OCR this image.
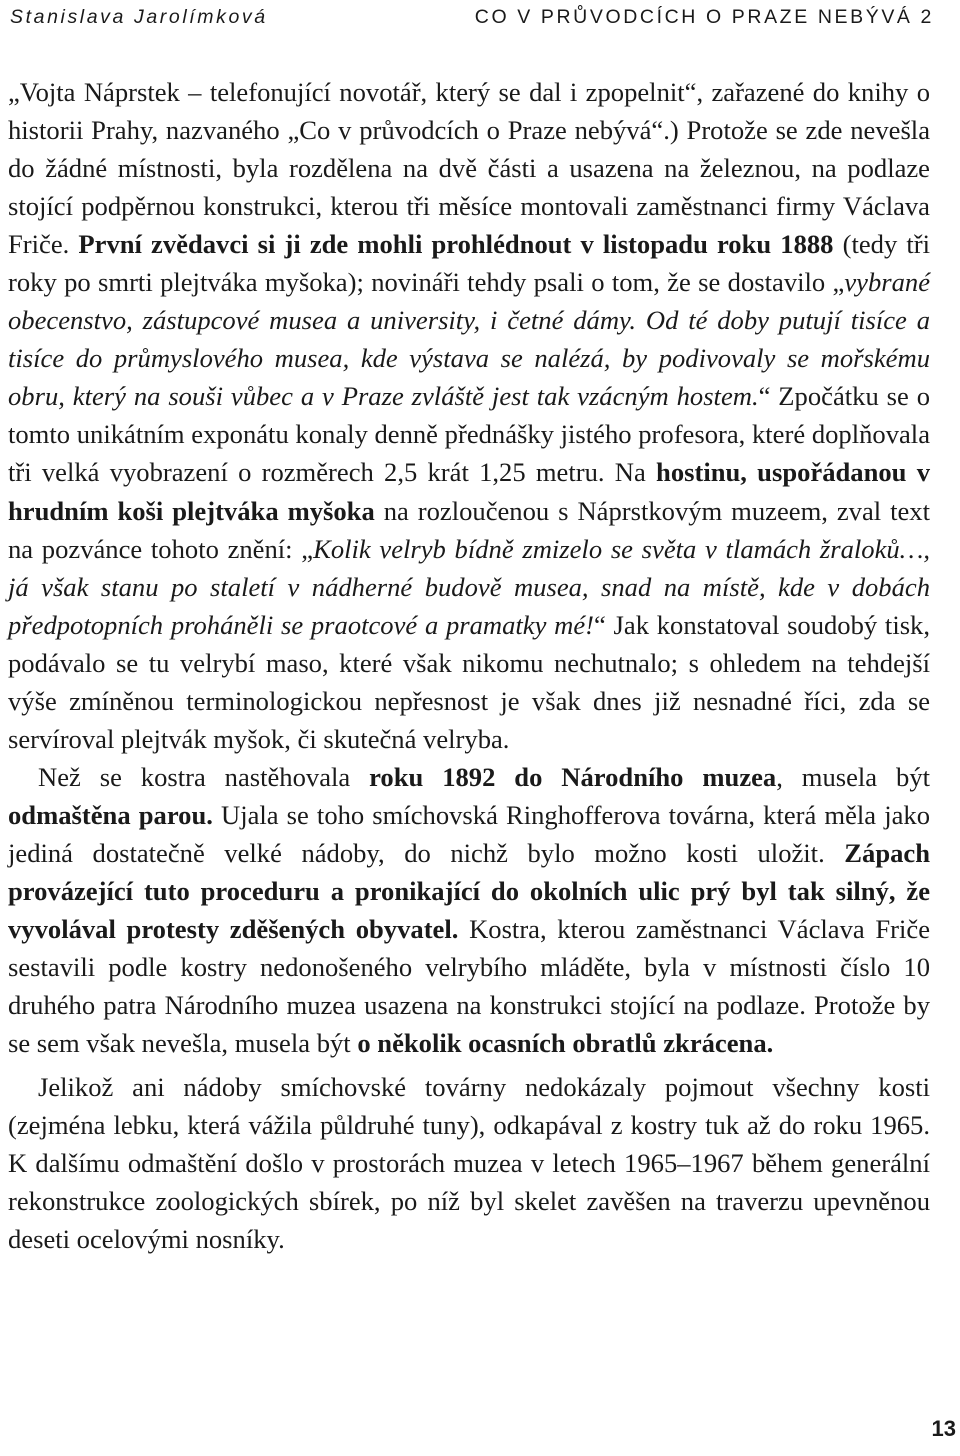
Stanislava Jarolímková	CO V PRŮVODCÍCH O PRAZE NEBÝVÁ 2

„Vojta Náprstek – telefonující novotář, který se dal i zpopelnit“, zařazené do knihy o historii Prahy, nazvaného „Co v průvodcích o Praze nebývá“.) Protože se zde nevešla do žádné místnosti, byla rozdělena na dvě části a usazena na železnou, na podlaze stojící podpěrnou konstrukci, kterou tři měsíce montovali zaměstnanci firmy Václava Friče. První zvědavci si ji zde mohli prohlédnout v listopadu roku 1888 (tedy tři roky po smrti plejtváka myšoka); novináři tehdy psali o tom, že se dostavilo „vybrané obecenstvo, zástupcové musea a university, i četné dámy. Od té doby putují tisíce a tisíce do průmyslového musea, kde výstava se nalézá, by podivovaly se mořskému obru, který na souši vůbec a v Praze zvláště jest tak vzácným hostem.“ Zpočátku se o tomto unikátním exponátu konaly denně přednášky jistého profesora, které doplňovala tři velká vyobrazení o rozměrech 2,5 krát 1,25 metru. Na hostinu, uspořádanou v hrudním koši plejtváka myšoka na rozloučenou s Náprstkovým muzeem, zval text na pozvánce tohoto znění: „Kolik velryb bídně zmizelo se světa v tlamách žraloků…, já však stanu po staletí v nádherné budově musea, snad na místě, kde v dobách předpotopních proháněli se praotcové a pramatky mé!“ Jak konstatoval soudobý tisk, podávalo se tu velrybí maso, které však nikomu nechutnalo; s ohledem na tehdejší výše zmíněnou terminologickou nepřesnost je však dnes již nesnadné říci, zda se servíroval plejtvák myšok, či skutečná velryba.

Než se kostra nastěhovala roku 1892 do Národního muzea, musela být odmaštěna parou. Ujala se toho smíchovská Ringhofferova továrna, která měla jako jediná dostatečně velké nádoby, do nichž bylo možno kosti uložit. Zápach provázející tuto proceduru a pronikající do okolních ulic prý byl tak silný, že vyvolával protesty zděšených obyvatel. Kostra, kterou zaměstnanci Václava Friče sestavili podle kostry nedonošeného velrybího mláděte, byla v místnosti číslo 10 druhého patra Národního muzea usazena na konstrukci stojící na podlaze. Protože by se sem však nevešla, musela být o několik ocasních obratlů zkrácena.

Jelikož ani nádoby smíchovské továrny nedokázaly pojmout všechny kosti (zejména lebku, která vážila půldruhé tuny), odkapával z kostry tuk až do roku 1965. K dalšímu odmaštění došlo v prostorách muzea v letech 1965–1967 během generální rekonstrukce zoologických sbírek, po níž byl skelet zavěšen na traverzu upevněnou deseti ocelovými nosníky.

13
